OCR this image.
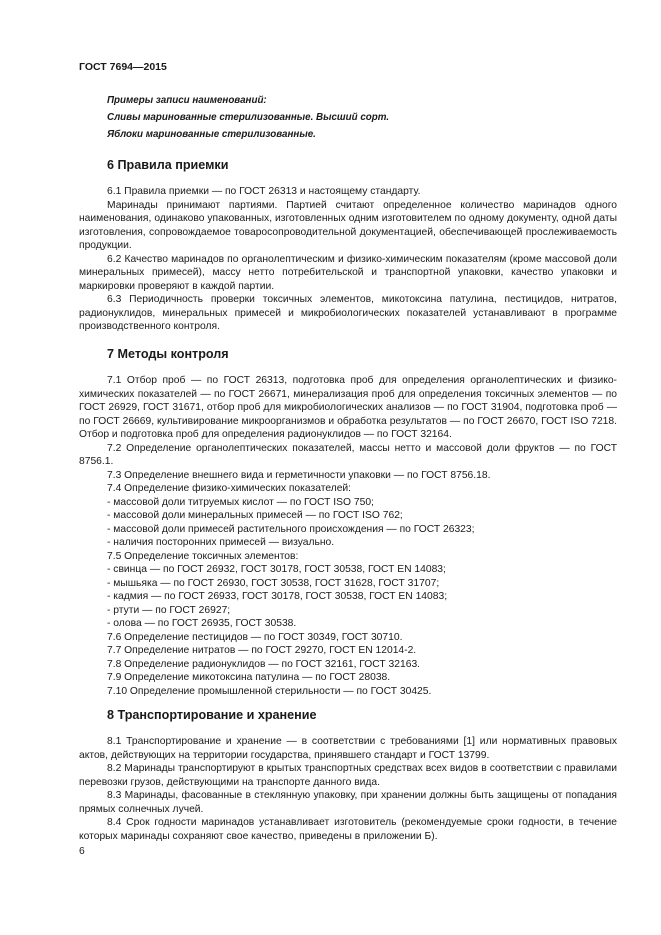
ГОСТ 7694—2015
Примеры записи наименований:
Сливы маринованные стерилизованные. Высший сорт.
Яблоки маринованные стерилизованные.
6 Правила приемки

6.1 Правила приемки — по ГОСТ 26313 и настоящему стандарту.

Маринады принимают партиями. Партией считают определенное количество маринадов одного наименования, одинаково упакованных, изготовленных одним изготовителем по одному документу, одной даты изготовления, сопровождаемое товаросопроводительной документацией, обеспечивающей прослеживаемость продукции.

6.2 Качество маринадов по органолептическим и физико-химическим показателям (кроме массовой доли минеральных примесей), массу нетто потребительской и транспортной упаковки, качество упаковки и маркировки проверяют в каждой партии.

6.3 Периодичность проверки токсичных элементов, микотоксина патулина, пестицидов, нитратов, радионуклидов, минеральных примесей и микробиологических показателей устанавливают в программе производственного контроля.

7 Методы контроля

7.1 Отбор проб — по ГОСТ 26313, подготовка проб для определения органолептических и физико-химических показателей — по ГОСТ 26671, минерализация проб для определения токсичных элементов — по ГОСТ 26929, ГОСТ 31671, отбор проб для микробиологических анализов — по ГОСТ 31904, подготовка проб — по ГОСТ 26669, культивирование микроорганизмов и обработка результатов — по ГОСТ 26670, ГОСТ ISO 7218. Отбор и подготовка проб для определения радионуклидов — по ГОСТ 32164.

7.2 Определение органолептических показателей, массы нетто и массовой доли фруктов — по ГОСТ 8756.1.

7.3 Определение внешнего вида и герметичности упаковки — по ГОСТ 8756.18.

7.4 Определение физико-химических показателей:

- массовой доли титруемых кислот — по ГОСТ ISO 750;
- массовой доли минеральных примесей — по ГОСТ ISO 762;
- массовой доли примесей растительного происхождения — по ГОСТ 26323;
- наличия посторонних примесей — визуально.

7.5 Определение токсичных элементов:

- свинца — по ГОСТ 26932, ГОСТ 30178, ГОСТ 30538, ГОСТ EN 14083;
- мышьяка — по ГОСТ 26930, ГОСТ 30538, ГОСТ 31628, ГОСТ 31707;
- кадмия — по ГОСТ 26933, ГОСТ 30178, ГОСТ 30538, ГОСТ EN 14083;
- ртути — по ГОСТ 26927;
- олова — по ГОСТ 26935, ГОСТ 30538.

7.6 Определение пестицидов — по ГОСТ 30349, ГОСТ 30710.

7.7 Определение нитратов — по ГОСТ 29270, ГОСТ EN 12014-2.

7.8 Определение радионуклидов — по ГОСТ 32161, ГОСТ 32163.

7.9 Определение микотоксина патулина — по ГОСТ 28038.

7.10 Определение промышленной стерильности — по ГОСТ 30425.

8 Транспортирование и хранение

8.1 Транспортирование и хранение — в соответствии с требованиями [1] или нормативных правовых актов, действующих на территории государства, принявшего стандарт и ГОСТ 13799.

8.2 Маринады транспортируют в крытых транспортных средствах всех видов в соответствии с правилами перевозки грузов, действующими на транспорте данного вида.

8.3 Маринады, фасованные в стеклянную упаковку, при хранении должны быть защищены от попадания прямых солнечных лучей.

8.4 Срок годности маринадов устанавливает изготовитель (рекомендуемые сроки годности, в течение которых маринады сохраняют свое качество, приведены в приложении Б).

6
